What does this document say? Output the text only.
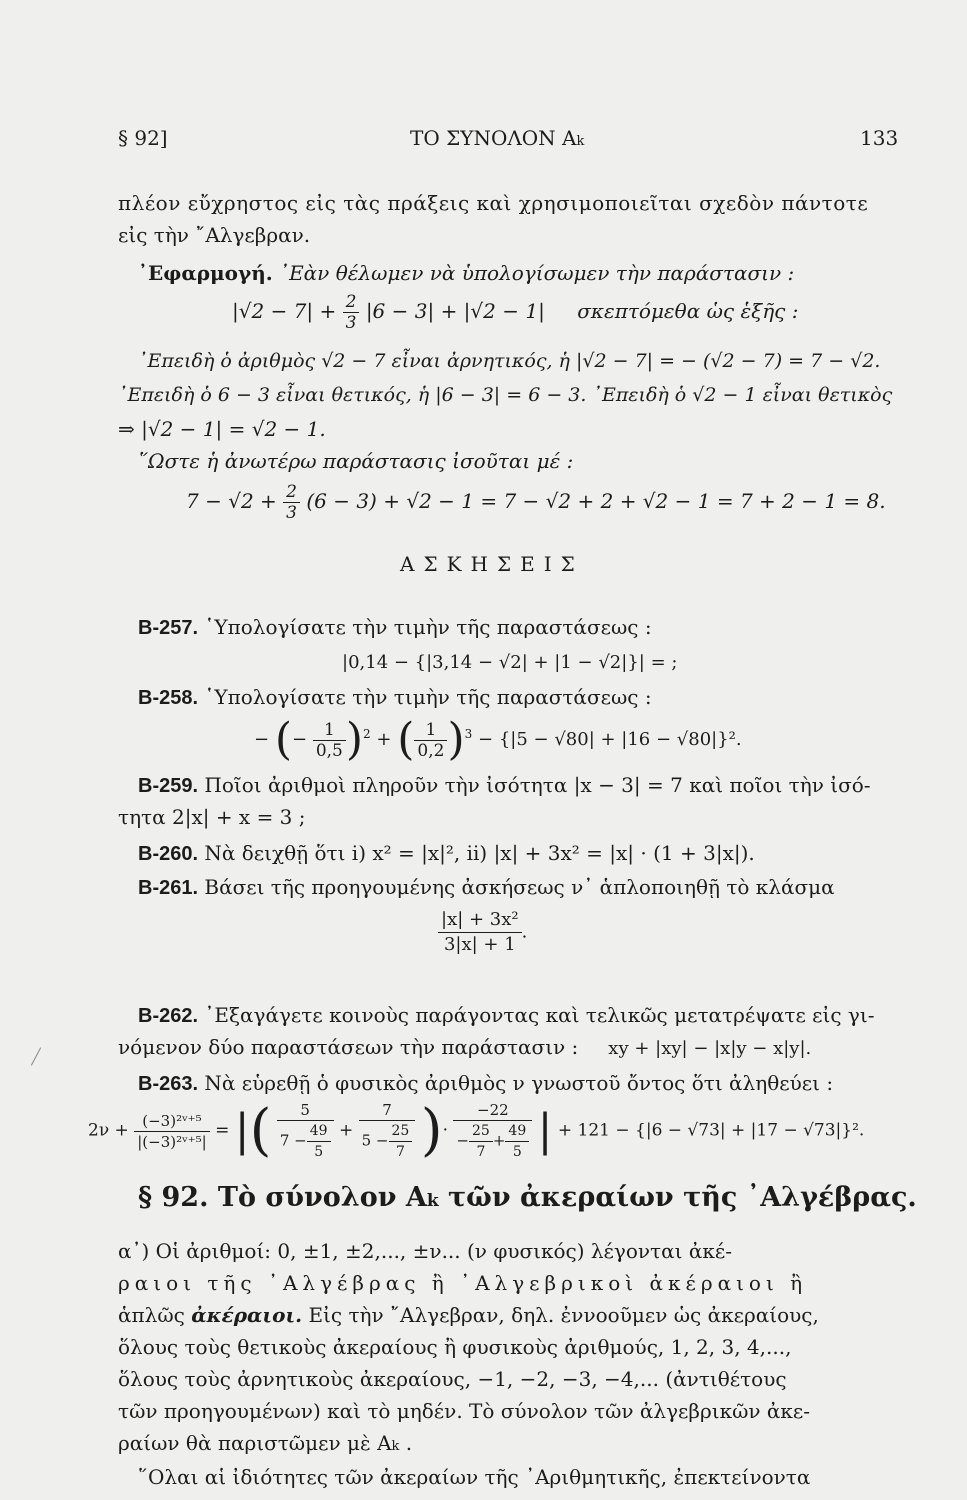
§ 92]	ΤΟ ΣΥΝΟΛΟΝ Αk	133
πλέον εὔχρηστος εἰς τὰς πράξεις καὶ χρησιμοποιεῖται σχεδὸν πάντοτε
εἰς τὴν ῎Αλγεβραν.
᾿Εφαρμογή. ᾿Εὰν θέλωμεν νὰ ὑπολογίσωμεν τὴν παράστασιν :
$|√2 - 7| + \frac{2}{3} |6 - 3| + |√2 - 1|$ σκεπτόμεθα ὡς ἑξῆς :
᾿Επειδὴ ὁ ἀριθμὸς √2 − 7 εἶναι ἀρνητικός, ἡ |√2 − 7| = − (√2 − 7) = 7 − √2.
᾿Επειδὴ ὁ 6 − 3 εἶναι θετικός, ἡ |6 − 3| = 6 − 3. ᾿Επειδὴ ὁ √2 − 1 εἶναι θετικὸς
⇒ |√2 − 1| = √2 − 1.
῞Ωστε ἡ ἀνωτέρω παράστασις ἰσοῦται μέ :
$7 - √2 + \frac{2}{3} (6 - 3) + √2 - 1 = 7 - √2 + 2 + √2 - 1 = 7 + 2 - 1 = 8$.
ΑΣΚΗΣΕΙΣ
Β-257. ῾Υπολογίσατε τὴν τιμὴν τῆς παραστάσεως :
|0,14 − {|3,14 − √2| + |1 − √2|}| = ;
Β-258. ῾Υπολογίσατε τὴν τιμὴν τῆς παραστάσεως :
− (− $\frac{1}{0,5} )^2$ + ( $\frac{1}{0,2} )^3 - \{|5 - √80| + |16 - √80|\}^2$.
Β-259. Ποῖοι ἀριθμοὶ πληροῦν τὴν ἰσότητα |x − 3| = 7 καὶ ποῖοι τὴν ἰσό-
τητα 2|x| + x = 3 ;
Β-260. Νὰ δειχθῇ ὅτι i) x² = |x|², ii) |x| + 3x² = |x| · (1 + 3|x|).
Β-261. Βάσει τῆς προηγουμένης ἀσκήσεως ν᾿ ἁπλοποιηθῇ τὸ κλάσμα
$\frac{\text{|x| + 3x²}}{3|x| + 1}$ .
Β-262. ᾿Εξαγάγετε κοινοὺς παράγοντας καὶ τελικῶς μετατρέψατε εἰς γι-
νόμενον δύο παραστάσεων τὴν παράστασιν : xy + |xy| − |x|y − x|y|.
Β-263. Νὰ εὑρεθῇ ὁ φυσικὸς ἀριθμὸς ν γνωστοῦ ὄντος ὅτι ἀληθεύει :
$2\nu + \frac{\text{(−3)²ᵛ⁺⁵}}{\text{|(−3)²ᵛ⁺⁵|}}$ = |( $\frac{5}{7 - \frac{49}{5}} + \frac{7}{5 - \frac{25}{7}}$ )· $\frac{-22}{- \frac{25}{7} + \frac{49}{5}}$ | + 121 − {|6 − √73| + |17 − √73|}².
§ 92. Τὸ σύνολον Αk τῶν ἀκεραίων τῆς ᾿Αλγέβρας.
α᾿) Οἱ ἀριθμοί: 0, ±1, ±2,..., ±ν... (ν φυσικός) λέγονται ἀκέ-
ραιοι τῆς ᾿Αλγέβρας ἢ ᾿Αλγεβρικοὶ ἀκέραιοι ἢ
ἁπλῶς ἀκέραιοι. Εἰς τὴν ῎Αλγεβραν, δηλ. ἐννοοῦμεν ὡς ἀκεραίους,
ὅλους τοὺς θετικοὺς ἀκεραίους ἢ φυσικοὺς ἀριθμούς, 1, 2, 3, 4,...,
ὅλους τοὺς ἀρνητικοὺς ἀκεραίους, −1, −2, −3, −4,... (ἀντιθέτους
τῶν προηγουμένων) καὶ τὸ μηδέν. Τὸ σύνολον τῶν ἀλγεβρικῶν ἀκε-
ραίων θὰ παριστῶμεν μὲ Αk .
῞Ολαι αἱ ἰδιότητες τῶν ἀκεραίων τῆς ᾿Αριθμητικῆς, ἐπεκτείνοντα
